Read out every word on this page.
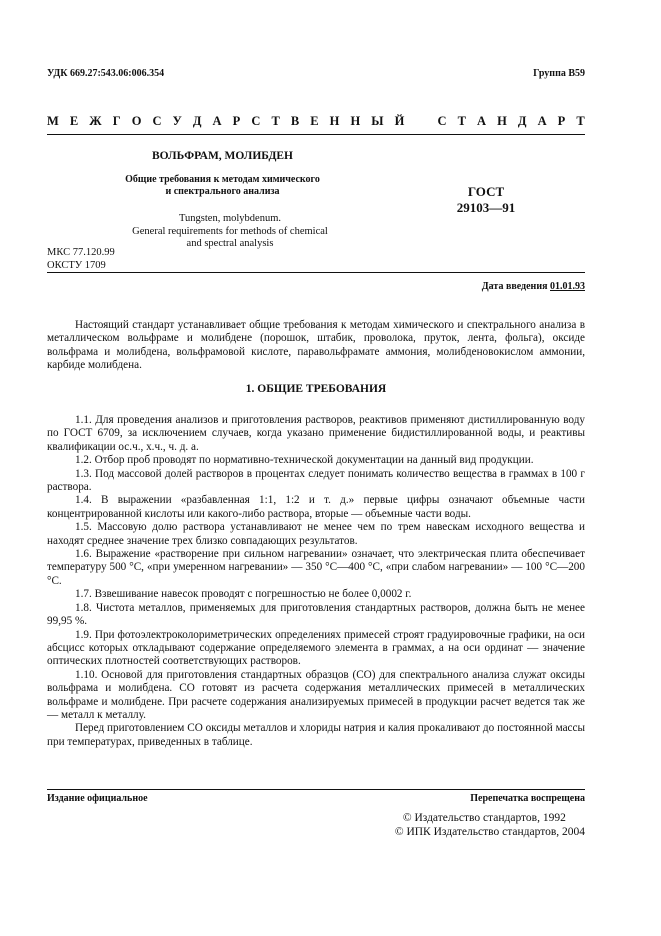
УДК 669.27:543.06:006.354	Группа В59
М Е Ж Г О С У Д А Р С Т В Е Н Н Ы Й	С Т А Н Д А Р Т
ВОЛЬФРАМ, МОЛИБДЕН
Общие требования к методам химического
и спектрального анализа
Tungsten, molybdenum.
General requirements for methods of chemical
and spectral analysis
ГОСТ
29103—91
МКС 77.120.99
ОКСТУ 1709
Дата введения 01.01.93

Настоящий стандарт устанавливает общие требования к методам химического и спектрального анализа в металлическом вольфраме и молибдене (порошок, штабик, проволока, пруток, лента, фольга), оксиде вольфрама и молибдена, вольфрамовой кислоте, паравольфрамате аммония, молибденовокислом аммонии, карбиде молибдена.

1. ОБЩИЕ ТРЕБОВАНИЯ

1.1. Для проведения анализов и приготовления растворов, реактивов применяют дистиллированную воду по ГОСТ 6709, за исключением случаев, когда указано применение бидистиллированной воды, и реактивы квалификации ос.ч., х.ч., ч. д. а.

1.2. Отбор проб проводят по нормативно-технической документации на данный вид продукции.

1.3. Под массовой долей растворов в процентах следует понимать количество вещества в граммах в 100 г раствора.

1.4. В выражении «разбавленная 1:1, 1:2 и т. д.» первые цифры означают объемные части концентрированной кислоты или какого-либо раствора, вторые — объемные части воды.

1.5. Массовую долю раствора устанавливают не менее чем по трем навескам исходного вещества и находят среднее значение трех близко совпадающих результатов.

1.6. Выражение «растворение при сильном нагревании» означает, что электрическая плита обеспечивает температуру 500 °С, «при умеренном нагревании» — 350 °С—400 °С, «при слабом нагревании» — 100 °С—200 °С.

1.7. Взвешивание навесок проводят с погрешностью не более 0,0002 г.

1.8. Чистота металлов, применяемых для приготовления стандартных растворов, должна быть не менее 99,95 %.

1.9. При фотоэлектроколориметрических определениях примесей строят градуировочные графики, на оси абсцисс которых откладывают содержание определяемого элемента в граммах, а на оси ординат — значение оптических плотностей соответствующих растворов.

1.10. Основой для приготовления стандартных образцов (СО) для спектрального анализа служат оксиды вольфрама и молибдена. СО готовят из расчета содержания металлических примесей в металлических вольфраме и молибдене. При расчете содержания анализируемых примесей в продукции расчет ведется так же — металл к металлу.

Перед приготовлением СО оксиды металлов и хлориды натрия и калия прокаливают до постоянной массы при температурах, приведенных в таблице.

Издание официальное	Перепечатка воспрещена
© Издательство стандартов, 1992
© ИПК Издательство стандартов, 2004
